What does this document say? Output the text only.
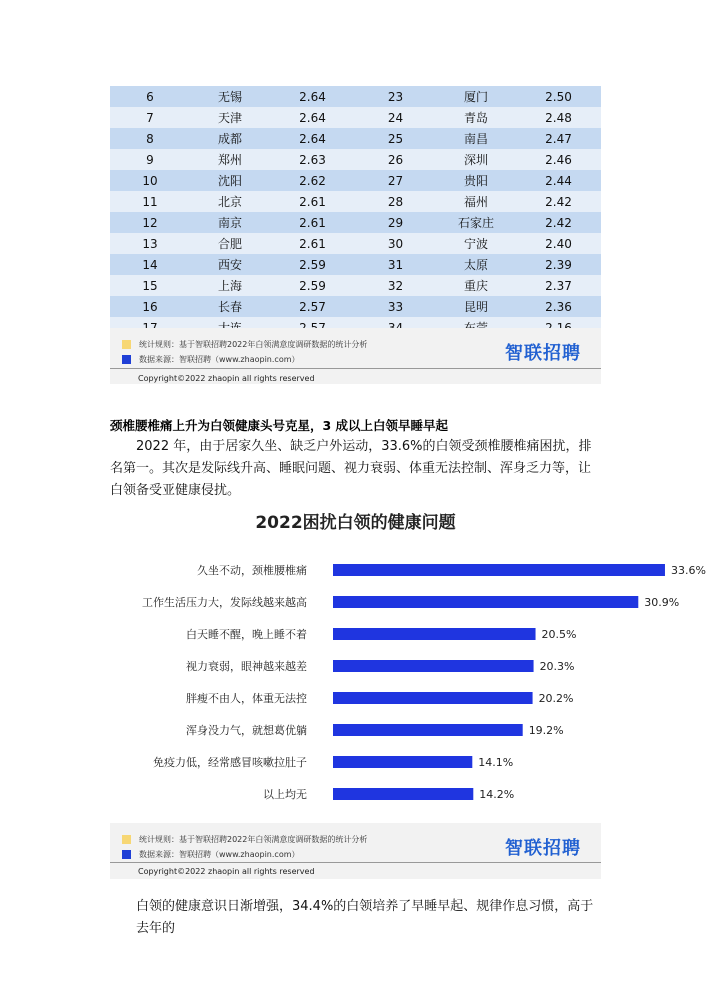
6	无锡	2.64	23	厦门	2.50
7	天津	2.64	24	青岛	2.48
8	成都	2.64	25	南昌	2.47
9	郑州	2.63	26	深圳	2.46
10	沈阳	2.62	27	贵阳	2.44
11	北京	2.61	28	福州	2.42
12	南京	2.61	29	石家庄	2.42
13	合肥	2.61	30	宁波	2.40
14	西安	2.59	31	太原	2.39
15	上海	2.59	32	重庆	2.37
16	长春	2.57	33	昆明	2.36

统计规则：基于智联招聘2022年白领满意度调研数据的统计分析
数据来源：智联招聘（www.zhaopin.com）	智联招聘
Copyright©2022 zhaopin all rights reserved
颈椎腰椎痛上升为白领健康头号克星，3 成以上白领早睡早起

2022 年，由于居家久坐、缺乏户外运动，33.6%的白领受颈椎腰椎痛困扰，排名第一。其次是发际线升高、睡眠问题、视力衰弱、体重无法控制、浑身乏力等，让白领备受亚健康侵扰。

2022困扰白领的健康问题
久坐不动，颈椎腰椎痛	33.6%
工作生活压力大，发际线越来越高	30.9%
白天睡不醒，晚上睡不着	20.5%
视力衰弱，眼神越来越差	20.3%
胖瘦不由人，体重无法控	20.2%
浑身没力气，就想葛优躺	19.2%
免疫力低，经常感冒咳嗽拉肚子	14.1%
以上均无	14.2%
统计规则：基于智联招聘2022年白领满意度调研数据的统计分析
数据来源：智联招聘（www.zhaopin.com）	智联招聘
Copyright©2022 zhaopin all rights reserved

白领的健康意识日渐增强，34.4%的白领培养了早睡早起、规律作息习惯，高于去年的
